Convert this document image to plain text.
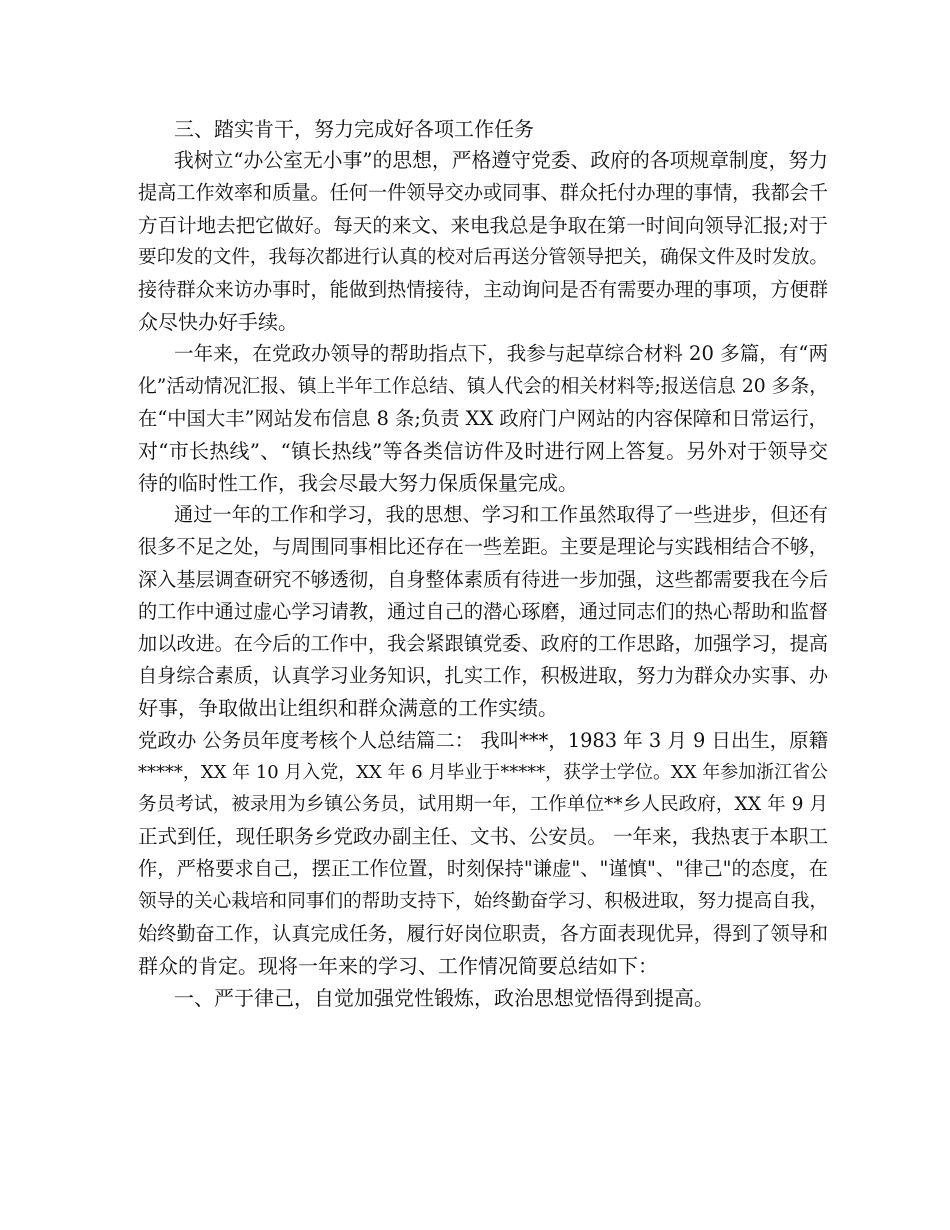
三、踏实肯干，努力完成好各项工作任务
我树立“办公室无小事”的思想，严格遵守党委、政府的各项规章制度，努力
提高工作效率和质量。任何一件领导交办或同事、群众托付办理的事情，我都会千
方百计地去把它做好。每天的来文、来电我总是争取在第一时间向领导汇报;对于
要印发的文件，我每次都进行认真的校对后再送分管领导把关，确保文件及时发放。
接待群众来访办事时，能做到热情接待，主动询问是否有需要办理的事项，方便群
众尽快办好手续。
一年来，在党政办领导的帮助指点下，我参与起草综合材料 20 多篇，有“两
化”活动情况汇报、镇上半年工作总结、镇人代会的相关材料等;报送信息 20 多条，
在“中国大丰”网站发布信息 8 条;负责 XX 政府门户网站的内容保障和日常运行，
对“市长热线”、“镇长热线”等各类信访件及时进行网上答复。另外对于领导交
待的临时性工作，我会尽最大努力保质保量完成。
通过一年的工作和学习，我的思想、学习和工作虽然取得了一些进步，但还有
很多不足之处，与周围同事相比还存在一些差距。主要是理论与实践相结合不够，
深入基层调查研究不够透彻，自身整体素质有待进一步加强，这些都需要我在今后
的工作中通过虚心学习请教，通过自己的潜心琢磨，通过同志们的热心帮助和监督
加以改进。在今后的工作中，我会紧跟镇党委、政府的工作思路，加强学习，提高
自身综合素质，认真学习业务知识，扎实工作，积极进取，努力为群众办实事、办
好事，争取做出让组织和群众满意的工作实绩。
党政办 公务员年度考核个人总结篇二： 我叫***，1983 年 3 月 9 日出生，原籍
*****，XX 年 10 月入党，XX 年 6 月毕业于*****，获学士学位。XX 年参加浙江省公
务员考试，被录用为乡镇公务员，试用期一年，工作单位**乡人民政府，XX 年 9 月
正式到任，现任职务乡党政办副主任、文书、公安员。 一年来，我热衷于本职工
作，严格要求自己，摆正工作位置，时刻保持"谦虚"、"谨慎"、"律己"的态度，在
领导的关心栽培和同事们的帮助支持下，始终勤奋学习、积极进取，努力提高自我，
始终勤奋工作，认真完成任务，履行好岗位职责，各方面表现优异，得到了领导和
群众的肯定。现将一年来的学习、工作情况简要总结如下：
一、严于律己，自觉加强党性锻炼，政治思想觉悟得到提高。
